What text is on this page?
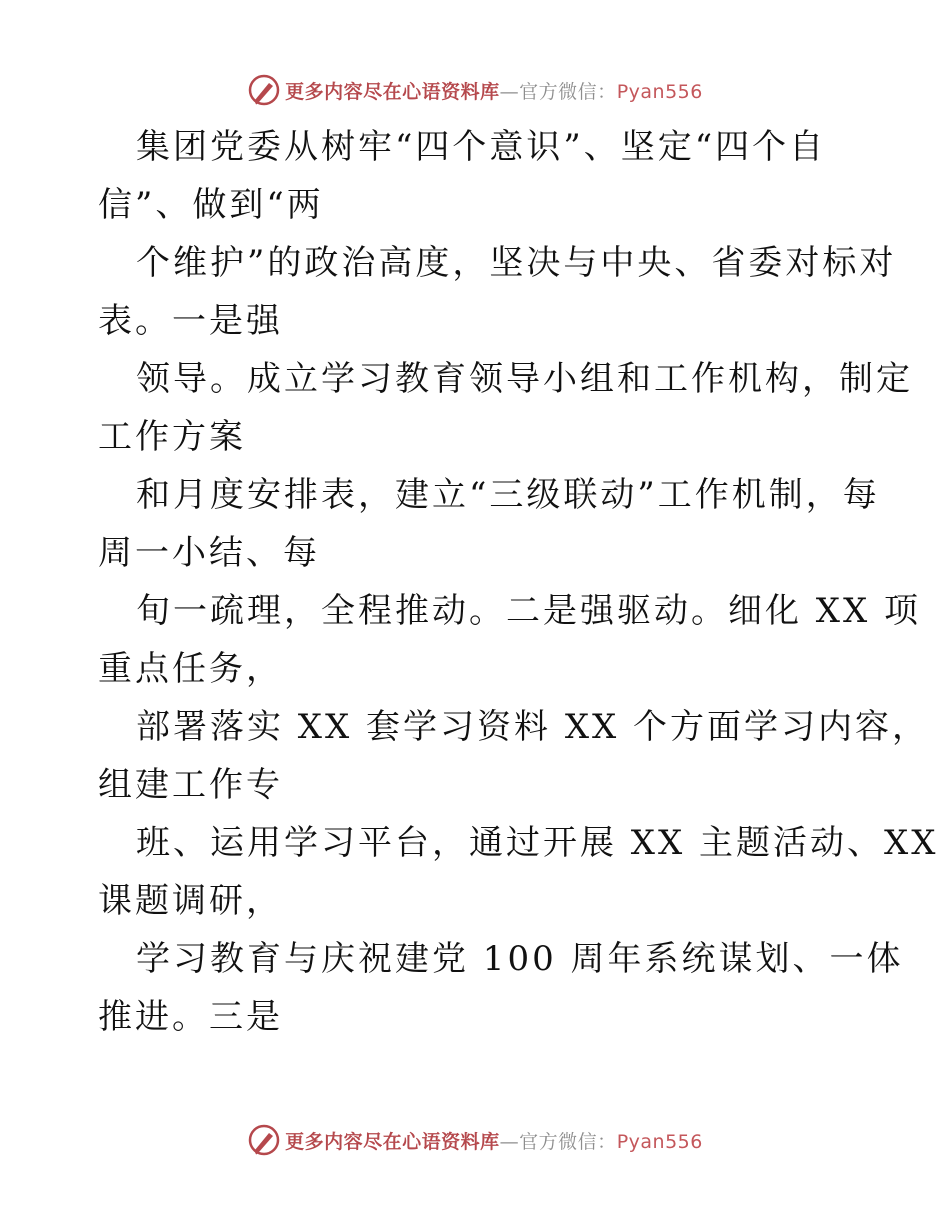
更多内容尽在心语资料库—官方微信：Pyan556
集团党委从树牢“四个意识”、坚定“四个自
信”、做到“两
个维护”的政治高度，坚决与中央、省委对标对
表。一是强
领导。成立学习教育领导小组和工作机构，制定
工作方案
和月度安排表，建立“三级联动”工作机制，每
周一小结、每
旬一疏理，全程推动。二是强驱动。细化 XX 项
重点任务，
部署落实 XX 套学习资料 XX 个方面学习内容，
组建工作专
班、运用学习平台，通过开展 XX 主题活动、XX
课题调研，
学习教育与庆祝建党 100 周年系统谋划、一体
推进。三是
更多内容尽在心语资料库—官方微信：Pyan556
